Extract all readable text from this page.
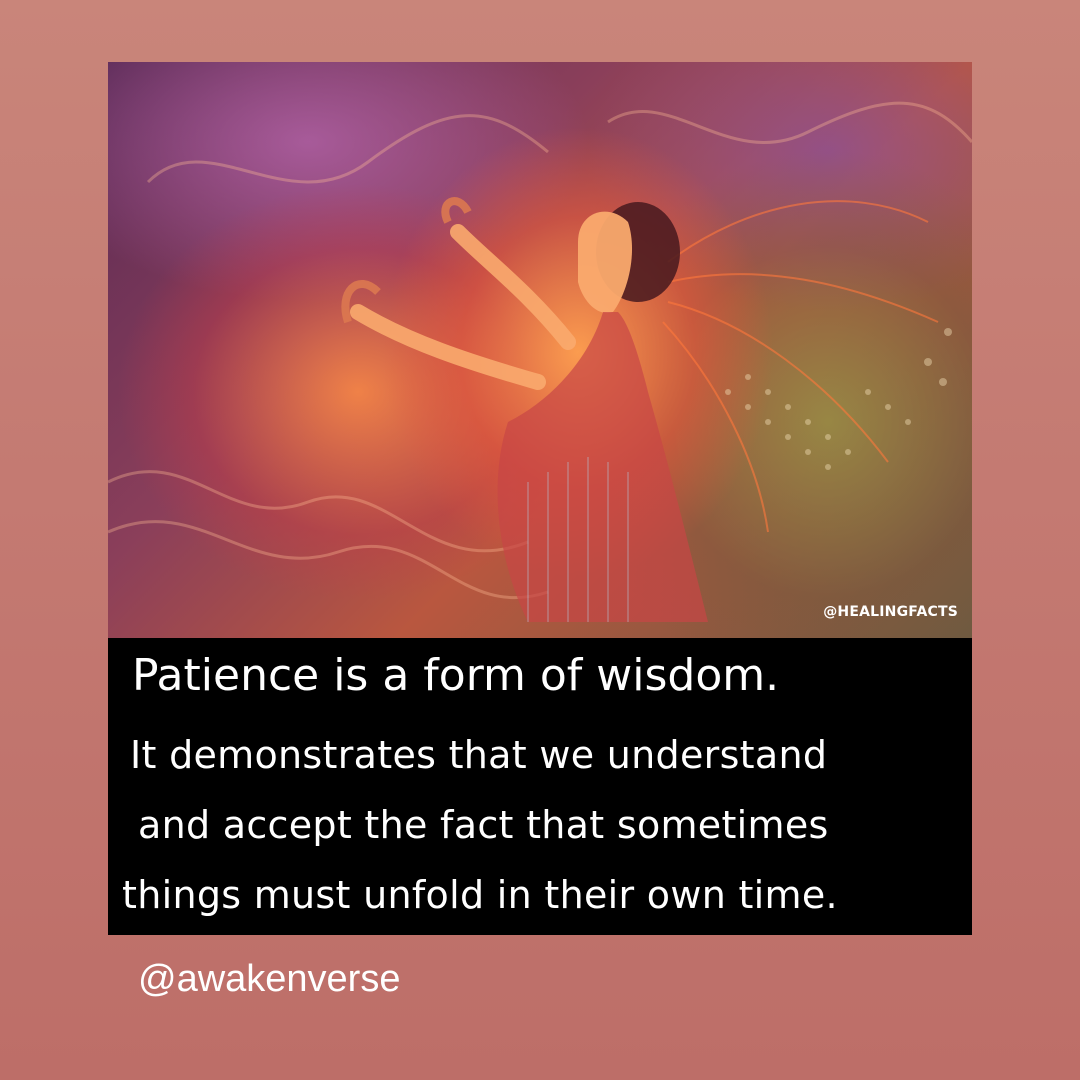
@HEALINGFACTS
Patience is a form of wisdom.
It demonstrates that we understand
and accept the fact that sometimes
things must unfold in their own time.
@awakenverse
